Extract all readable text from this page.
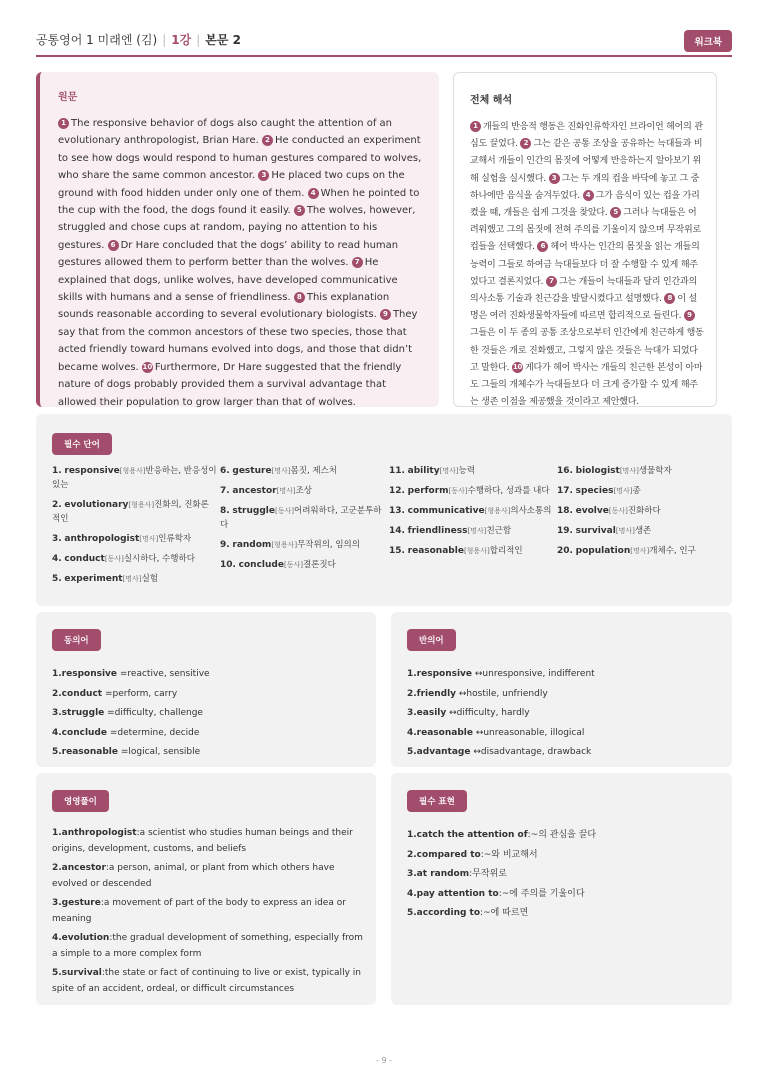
공통영어 1 미래엔 (김) | 1강 | 본문 2	워크북
원문

1 The responsive behavior of dogs also caught the attention of an evolutionary anthropologist, Brian Hare. 2 He conducted an experiment to see how dogs would respond to human gestures compared to wolves, who share the same common ancestor. 3 He placed two cups on the ground with food hidden under only one of them. 4 When he pointed to the cup with the food, the dogs found it easily. 5 The wolves, however, struggled and chose cups at random, paying no attention to his gestures. 6 Dr Hare concluded that the dogs’ ability to read human gestures allowed them to perform better than the wolves. 7 He explained that dogs, unlike wolves, have developed communicative skills with humans and a sense of friendliness. 8 This explanation sounds reasonable according to several evolutionary biologists. 9 They say that from the common ancestors of these two species, those that acted friendly toward humans evolved into dogs, and those that didn’t became wolves. 10 Furthermore, Dr Hare suggested that the friendly nature of dogs probably provided them a survival advantage that allowed their population to grow larger than that of wolves.

전체 해석

1 개들의 반응적 행동은 진화인류학자인 브라이언 헤어의 관심도 끌었다. 2 그는 같은 공통 조상을 공유하는 늑대들과 비교해서 개들이 인간의 몸짓에 어떻게 반응하는지 알아보기 위해 실험을 실시했다. 3 그는 두 개의 컵을 바닥에 놓고 그 중 하나에만 음식을 숨겨두었다. 4 그가 음식이 있는 컵을 가리켰을 때, 개들은 쉽게 그것을 찾았다. 5 그러나 늑대들은 어려워했고 그의 몸짓에 전혀 주의를 기울이지 않으며 무작위로 컵들을 선택했다. 6 헤어 박사는 인간의 몸짓을 읽는 개들의 능력이 그들로 하여금 늑대들보다 더 잘 수행할 수 있게 해주었다고 결론지었다. 7 그는 개들이 늑대들과 달리 인간과의 의사소통 기술과 친근감을 발달시켰다고 설명했다. 8 이 설명은 여러 진화생물학자들에 따르면 합리적으로 들린다. 9그들은 이 두 종의 공통 조상으로부터 인간에게 친근하게 행동한 것들은 개로 진화했고, 그렇지 않은 것들은 늑대가 되었다고 말한다. 10 게다가 헤어 박사는 개들의 친근한 본성이 아마도 그들의 개체수가 늑대들보다 더 크게 증가할 수 있게 해주는 생존 이점을 제공했을 것이라고 제안했다.

필수 단어
1. responsive[형용사]반응하는, 반응성이 있는
2. evolutionary[형용사]진화의, 진화론적인
3. anthropologist[명사]인류학자
4. conduct[동사]실시하다, 수행하다
5. experiment[명사]실험
6. gesture[명사]몸짓, 제스처
7. ancestor[명사]조상
8. struggle[동사]어려워하다, 고군분투하다
9. random[형용사]무작위의, 임의의
10. conclude[동사]결론짓다
11. ability[명사]능력
12. perform[동사]수행하다, 성과를 내다
13. communicative[형용사]의사소통의
14. friendliness[명사]친근함
15. reasonable[형용사]합리적인
16. biologist[명사]생물학자
17. species[명사]종
18. evolve[동사]진화하다
19. survival[명사]생존
20. population[명사]개체수, 인구
동의어
1.responsive =reactive, sensitive
2.conduct =perform, carry
3.struggle =difficulty, challenge
4.conclude =determine, decide
5.reasonable =logical, sensible
반의어
1.responsive ↔unresponsive, indifferent
2.friendly ↔hostile, unfriendly
3.easily ↔difficulty, hardly
4.reasonable ↔unreasonable, illogical
5.advantage ↔disadvantage, drawback
영영풀이
1.anthropologist:a scientist who studies human beings and their origins, development, customs, and beliefs
2.ancestor:a person, animal, or plant from which others have evolved or descended
3.gesture:a movement of part of the body to express an idea or meaning
4.evolution:the gradual development of something, especially from a simple to a more complex form
5.survival:the state or fact of continuing to live or exist, typically in spite of an accident, ordeal, or difficult circumstances
필수 표현
1.catch the attention of:~의 관심을 끌다
2.compared to:~와 비교해서
3.at random:무작위로
4.pay attention to:~에 주의를 기울이다
5.according to:~에 따르면
- 9 -
